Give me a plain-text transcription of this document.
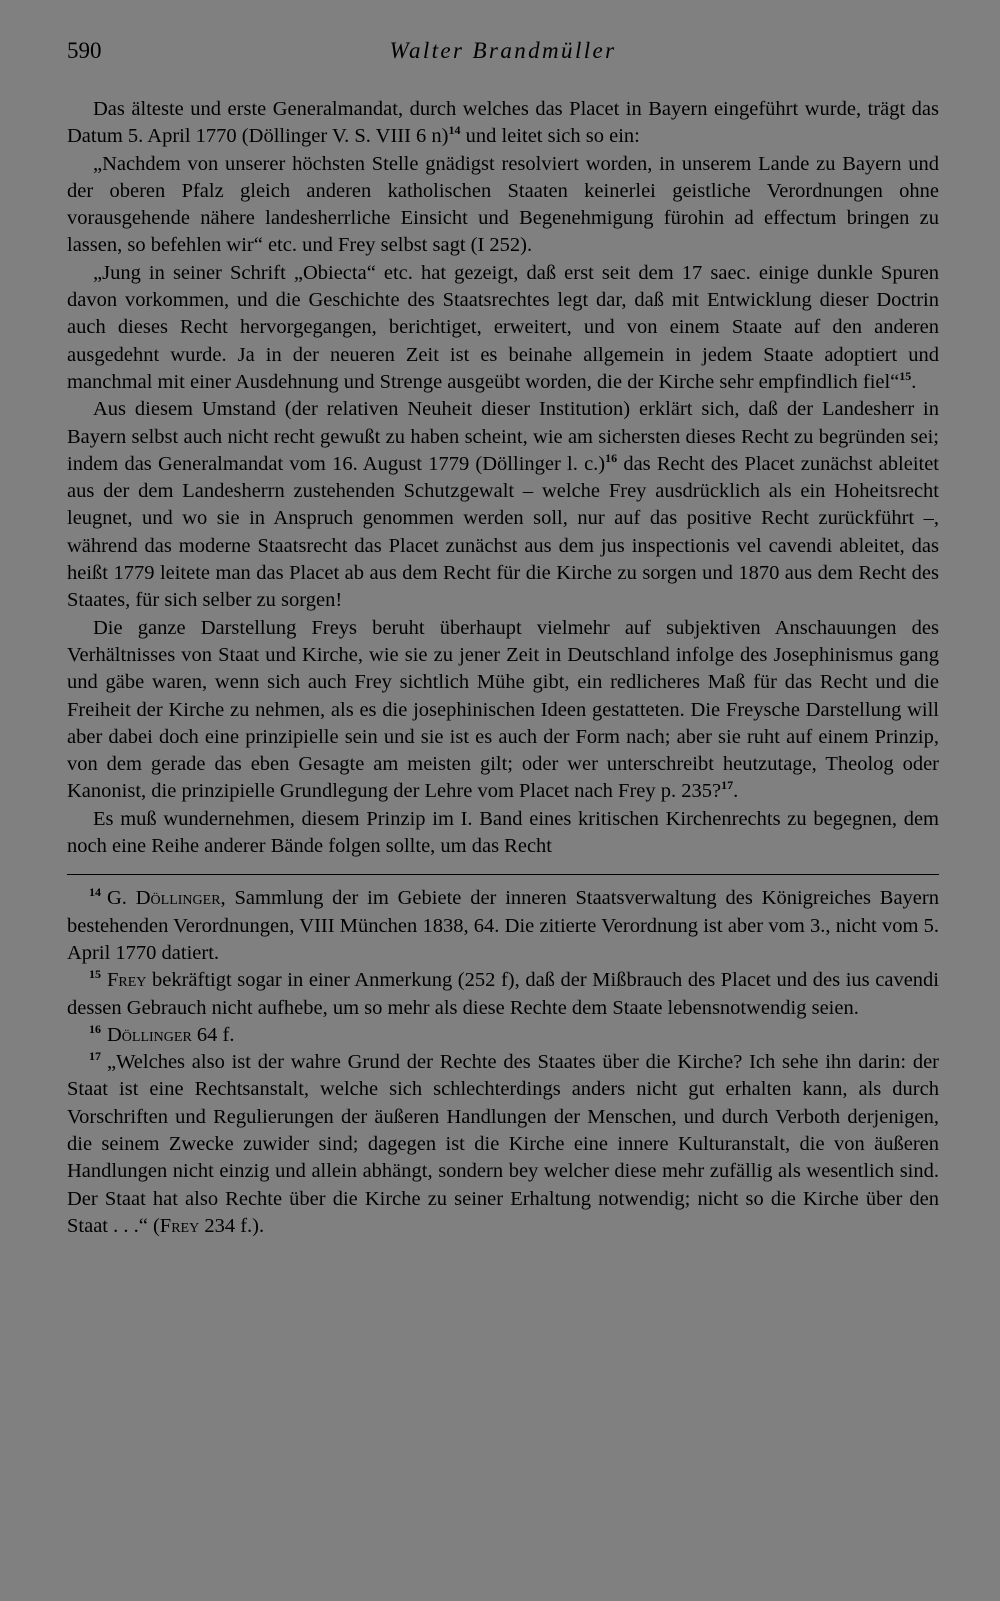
590	Walter Brandmüller

Das älteste und erste Generalmandat, durch welches das Placet in Bayern eingeführt wurde, trägt das Datum 5. April 1770 (Döllinger V. S. VIII 6 n)$^{14}$ und leitet sich so ein:

„Nachdem von unserer höchsten Stelle gnädigst resolviert worden, in unserem Lande zu Bayern und der oberen Pfalz gleich anderen katholischen Staaten keinerlei geistliche Verordnungen ohne vorausgehende nähere landesherrliche Einsicht und Begenehmigung fürohin ad effectum bringen zu lassen, so befehlen wir“ etc. und Frey selbst sagt (I 252).

„Jung in seiner Schrift „Obiecta“ etc. hat gezeigt, daß erst seit dem 17 saec. einige dunkle Spuren davon vorkommen, und die Geschichte des Staatsrechtes legt dar, daß mit Entwicklung dieser Doctrin auch dieses Recht hervorgegangen, berichtiget, erweitert, und von einem Staate auf den anderen ausgedehnt wurde. Ja in der neueren Zeit ist es beinahe allgemein in jedem Staate adoptiert und manchmal mit einer Ausdehnung und Strenge ausgeübt worden, die der Kirche sehr empfindlich fiel“$^{15}$.

Aus diesem Umstand (der relativen Neuheit dieser Institution) erklärt sich, daß der Landesherr in Bayern selbst auch nicht recht gewußt zu haben scheint, wie am sichersten dieses Recht zu begründen sei; indem das Generalmandat vom 16. August 1779 (Döllinger l. c.)$^{16}$ das Recht des Placet zunächst ableitet aus der dem Landesherrn zustehenden Schutzgewalt – welche Frey ausdrücklich als ein Hoheitsrecht leugnet, und wo sie in Anspruch genommen werden soll, nur auf das positive Recht zurückführt –, während das moderne Staatsrecht das Placet zunächst aus dem jus inspectionis vel cavendi ableitet, das heißt 1779 leitete man das Placet ab aus dem Recht für die Kirche zu sorgen und 1870 aus dem Recht des Staates, für sich selber zu sorgen!

Die ganze Darstellung Freys beruht überhaupt vielmehr auf subjektiven Anschauungen des Verhältnisses von Staat und Kirche, wie sie zu jener Zeit in Deutschland infolge des Josephinismus gang und gäbe waren, wenn sich auch Frey sichtlich Mühe gibt, ein redlicheres Maß für das Recht und die Freiheit der Kirche zu nehmen, als es die josephinischen Ideen gestatteten. Die Freysche Darstellung will aber dabei doch eine prinzipielle sein und sie ist es auch der Form nach; aber sie ruht auf einem Prinzip, von dem gerade das eben Gesagte am meisten gilt; oder wer unterschreibt heutzutage, Theolog oder Kanonist, die prinzipielle Grundlegung der Lehre vom Placet nach Frey p. 235?$^{17}$.

Es muß wundernehmen, diesem Prinzip im I. Band eines kritischen Kirchenrechts zu begegnen, dem noch eine Reihe anderer Bände folgen sollte, um das Recht

$^{14}$ G. Döllinger, Sammlung der im Gebiete der inneren Staatsverwaltung des Königreiches Bayern bestehenden Verordnungen, VIII München 1838, 64. Die zitierte Verordnung ist aber vom 3., nicht vom 5. April 1770 datiert.

$^{15}$ Frey bekräftigt sogar in einer Anmerkung (252 f), daß der Mißbrauch des Placet und des ius cavendi dessen Gebrauch nicht aufhebe, um so mehr als diese Rechte dem Staate lebensnotwendig seien.

$^{16}$ Döllinger 64 f.

$^{17}$ „Welches also ist der wahre Grund der Rechte des Staates über die Kirche? Ich sehe ihn darin: der Staat ist eine Rechtsanstalt, welche sich schlechterdings anders nicht gut erhalten kann, als durch Vorschriften und Regulierungen der äußeren Handlungen der Menschen, und durch Verboth derjenigen, die seinem Zwecke zuwider sind; dagegen ist die Kirche eine innere Kulturanstalt, die von äußeren Handlungen nicht einzig und allein abhängt, sondern bey welcher diese mehr zufällig als wesentlich sind. Der Staat hat also Rechte über die Kirche zu seiner Erhaltung notwendig; nicht so die Kirche über den Staat . . .“ (Frey 234 f.).
